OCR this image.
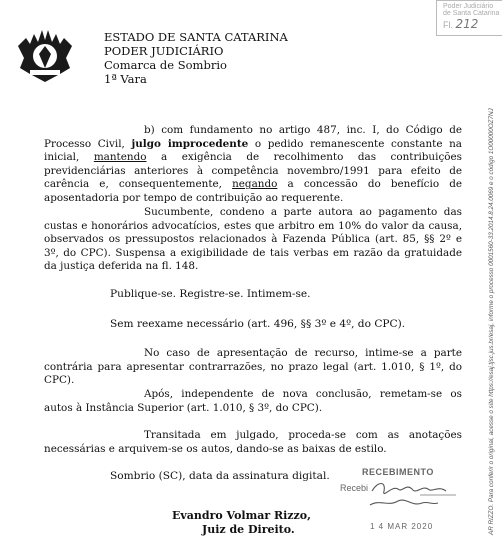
ESTADO DE SANTA CATARINA
PODER JUDICIÁRIO
Comarca de Sombrio
1ª Vara
Poder Judiciário
de Santa Catarina
Fl. 212
b) com fundamento no artigo 487, inc. I, do Código de Processo Civil, julgo improcedente o pedido remanescente constante na inicial, mantendo a exigência de recolhimento das contribuições previdenciárias anteriores à competência novembro/1991 para efeito de carência e, consequentemente, negando a concessão do benefício de aposentadoria por tempo de contribuição ao requerente.
Sucumbente, condeno a parte autora ao pagamento das custas e honorários advocatícios, estes que arbitro em 10% do valor da causa, observados os pressupostos relacionados à Fazenda Pública (art. 85, §§ 2º e 3º, do CPC). Suspensa a exigibilidade de tais verbas em razão da gratuidade da justiça deferida na fl. 148.
Publique-se. Registre-se. Intimem-se.
Sem reexame necessário (art. 496, §§ 3º e 4º, do CPC).
No caso de apresentação de recurso, intime-se a parte contrária para apresentar contrarrazões, no prazo legal (art. 1.010, § 1º, do CPC).
Após, independente de nova conclusão, remetam-se os autos à Instância Superior (art. 1.010, § 3º, do CPC).
Transitada em julgado, proceda-se com as anotações necessárias e arquivem-se os autos, dando-se as baixas de estilo.
Sombrio (SC), data da assinatura digital.
Evandro Volmar Rizzo,
Juiz de Direito.
RECEBIMENTO
Recebi
1 4 MAR 2020	AR RIZZO. Para conferir o original, acesse o site https://esaj.tjsc.jus.br/esaj, informe o processo 0001560-33.2014.8.24.0069 e o código 1O00000OZ7NJ
